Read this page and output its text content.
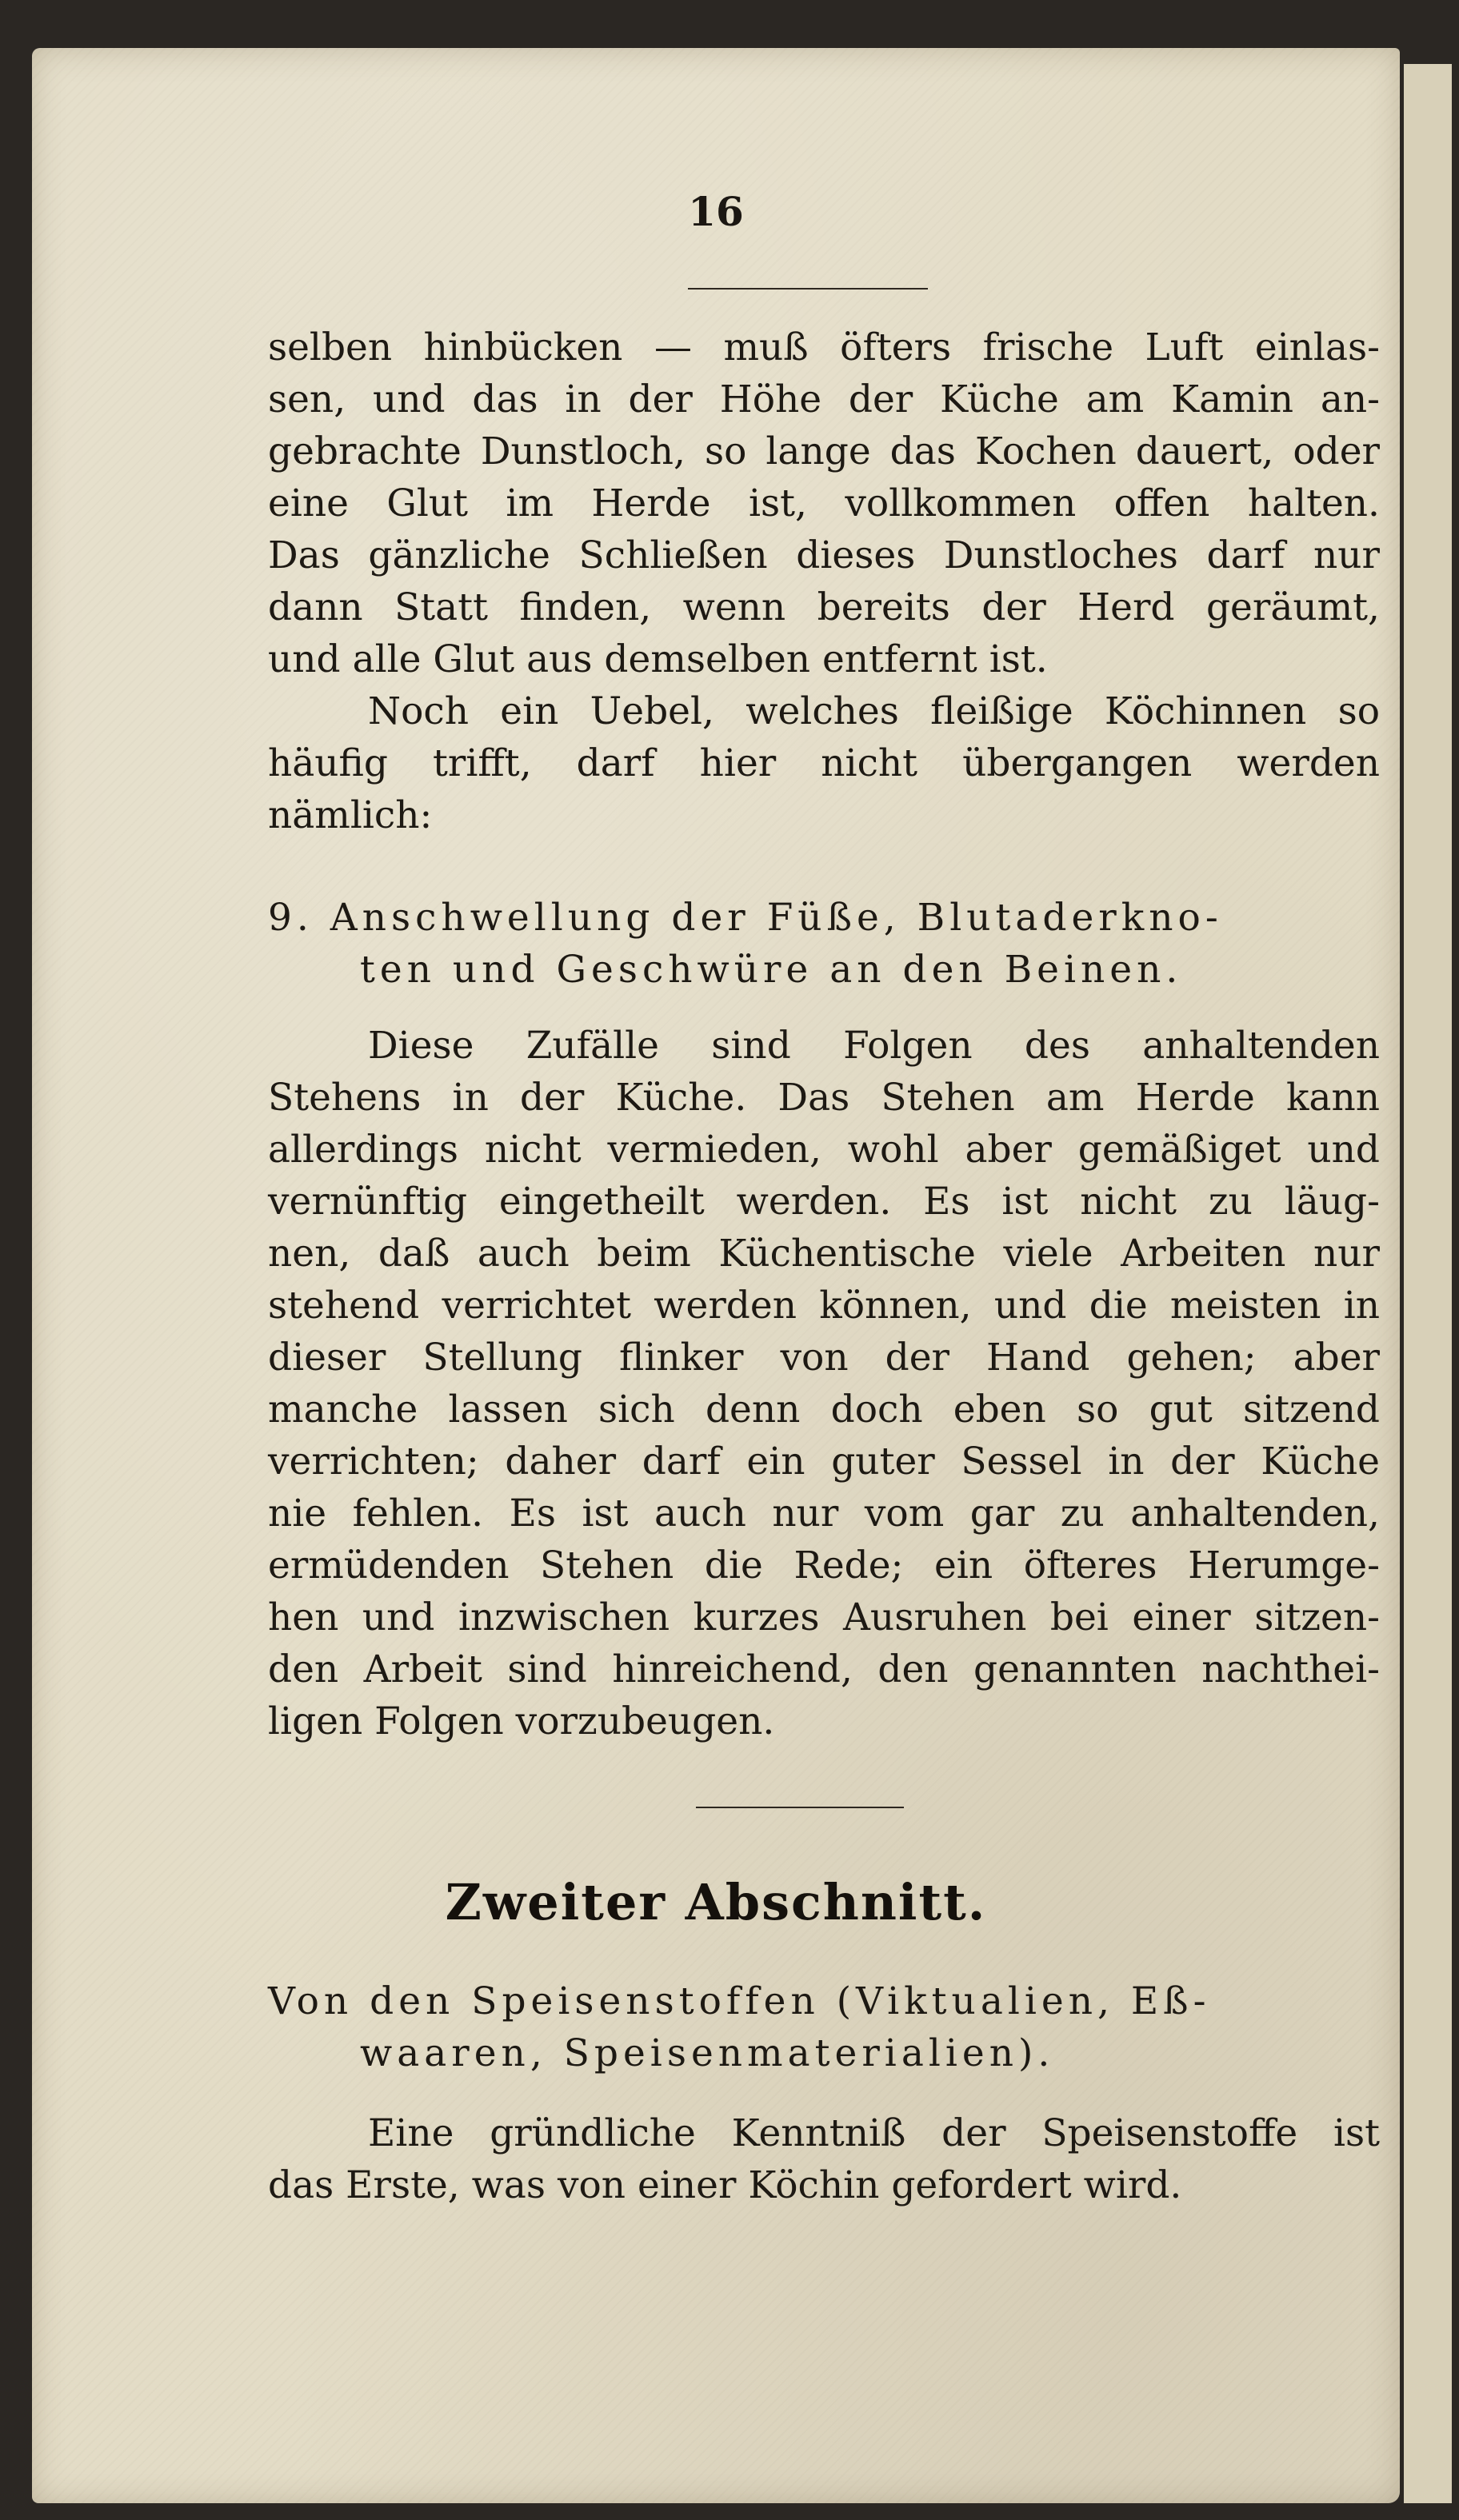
16
selben hinbücken — muß öfters frische Luft einlas-
sen, und das in der Höhe der Küche am Kamin an-
gebrachte Dunstloch, so lange das Kochen dauert, oder
eine Glut im Herde ist, vollkommen offen halten.
Das gänzliche Schließen dieses Dunstloches darf nur
dann Statt finden, wenn bereits der Herd geräumt,
und alle Glut aus demselben entfernt ist.
Noch ein Uebel, welches fleißige Köchinnen so
häufig trifft, darf hier nicht übergangen werden
nämlich:
9. Anschwellung der Füße, Blutaderkno-
ten und Geschwüre an den Beinen.
Diese Zufälle sind Folgen des anhaltenden
Stehens in der Küche. Das Stehen am Herde kann
allerdings nicht vermieden, wohl aber gemäßiget und
vernünftig eingetheilt werden. Es ist nicht zu läug-
nen, daß auch beim Küchentische viele Arbeiten nur
stehend verrichtet werden können, und die meisten in
dieser Stellung flinker von der Hand gehen; aber
manche lassen sich denn doch eben so gut sitzend
verrichten; daher darf ein guter Sessel in der Küche
nie fehlen. Es ist auch nur vom gar zu anhaltenden,
ermüdenden Stehen die Rede; ein öfteres Herumge-
hen und inzwischen kurzes Ausruhen bei einer sitzen-
den Arbeit sind hinreichend, den genannten nachthei-
ligen Folgen vorzubeugen.
Zweiter Abschnitt.
Von den Speisenstoffen (Viktualien, Eß-
waaren, Speisenmaterialien).
Eine gründliche Kenntniß der Speisenstoffe ist
das Erste, was von einer Köchin gefordert wird.
